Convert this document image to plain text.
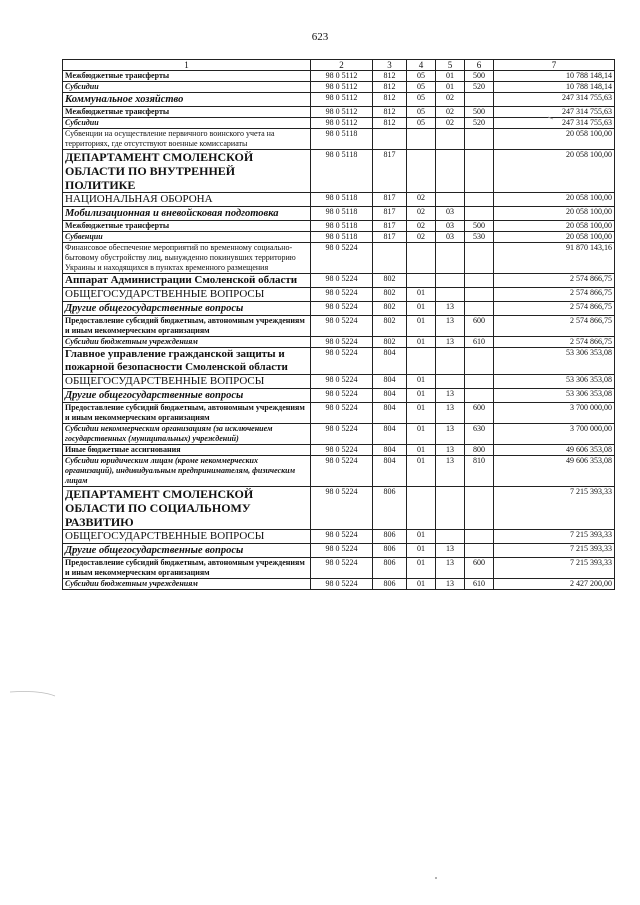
623
1	2	3	4	5	6	7
Межбюджетные трансферты	98 0 5112	812	05	01	500	10 788 148,14
Субсидии	98 0 5112	812	05	01	520	10 788 148,14
Коммунальное хозяйство	98 0 5112	812	05	02		247 314 755,63
Межбюджетные трансферты	98 0 5112	812	05	02	500	247 314 755,63
Субсидии	98 0 5112	812	05	02	520	247 314 755,63
Субвенции на осуществление первичного воинского учета на территориях, где отсутствуют военные комиссариаты	98 0 5118					20 058 100,00
ДЕПАРТАМЕНТ СМОЛЕНСКОЙ ОБЛАСТИ ПО ВНУТРЕННЕЙ ПОЛИТИКЕ	98 0 5118	817				20 058 100,00
НАЦИОНАЛЬНАЯ ОБОРОНА	98 0 5118	817	02			20 058 100,00
Мобилизационная и вневойсковая подготовка	98 0 5118	817	02	03		20 058 100,00
Межбюджетные трансферты	98 0 5118	817	02	03	500	20 058 100,00
Субвенции	98 0 5118	817	02	03	530	20 058 100,00
Финансовое обеспечение мероприятий по временному социально-бытовому обустройству лиц, вынужденно покинувших территорию Украины и находящихся в пунктах временного размещения	98 0 5224					91 870 143,16
Аппарат Администрации Смоленской области	98 0 5224	802				2 574 866,75
ОБЩЕГОСУДАРСТВЕННЫЕ ВОПРОСЫ	98 0 5224	802	01			2 574 866,75
Другие общегосударственные вопросы	98 0 5224	802	01	13		2 574 866,75
Предоставление субсидий бюджетным, автономным учреждениям и иным некоммерческим организациям	98 0 5224	802	01	13	600	2 574 866,75
Субсидии бюджетным учреждениям	98 0 5224	802	01	13	610	2 574 866,75
Главное управление гражданской защиты и пожарной безопасности Смоленской области	98 0 5224	804				53 306 353,08
ОБЩЕГОСУДАРСТВЕННЫЕ ВОПРОСЫ	98 0 5224	804	01			53 306 353,08
Другие общегосударственные вопросы	98 0 5224	804	01	13		53 306 353,08
Предоставление субсидий бюджетным, автономным учреждениям и иным некоммерческим организациям	98 0 5224	804	01	13	600	3 700 000,00
Субсидии некоммерческим организациям (за исключением государственных (муниципальных) учреждений)	98 0 5224	804	01	13	630	3 700 000,00
Иные бюджетные ассигнования	98 0 5224	804	01	13	800	49 606 353,08
Субсидии юридическим лицам (кроме некоммерческих организаций), индивидуальным предпринимателям, физическим лицам	98 0 5224	804	01	13	810	49 606 353,08
ДЕПАРТАМЕНТ СМОЛЕНСКОЙ ОБЛАСТИ ПО СОЦИАЛЬНОМУ РАЗВИТИЮ	98 0 5224	806				7 215 393,33
ОБЩЕГОСУДАРСТВЕННЫЕ ВОПРОСЫ	98 0 5224	806	01			7 215 393,33
Другие общегосударственные вопросы	98 0 5224	806	01	13		7 215 393,33
Предоставление субсидий бюджетным, автономным учреждениям и иным некоммерческим организациям	98 0 5224	806	01	13	600	7 215 393,33
Субсидии бюджетным учреждениям	98 0 5224	806	01	13	610	2 427 200,00
